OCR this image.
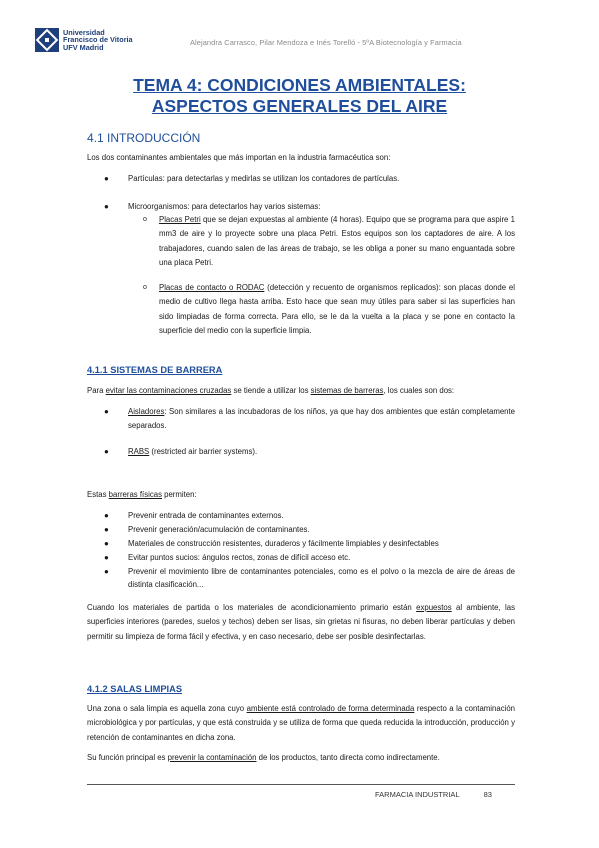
Universidad
Francisco de Vitoria
UFV Madrid
Alejandra Carrasco, Pilar Mendoza e Inés Torelló - 5ºA Biotecnología y Farmacia
TEMA 4: CONDICIONES AMBIENTALES:
ASPECTOS GENERALES DEL AIRE
4.1 INTRODUCCIÓN
Los dos contaminantes ambientales que más importan en la industria farmacéutica son:
● Partículas: para detectarlas y medirlas se utilizan los contadores de partículas.
● Microorganismos: para detectarlos hay varios sistemas:
o Placas Petri que se dejan expuestas al ambiente (4 horas). Equipo que se programa para que aspire 1 mm3 de aire y lo proyecte sobre una placa Petri. Estos equipos son los captadores de aire. A los trabajadores, cuando salen de las áreas de trabajo, se les obliga a poner su mano enguantada sobre una placa Petri.
o Placas de contacto o RODAC (detección y recuento de organismos replicados): son placas donde el medio de cultivo llega hasta arriba. Esto hace que sean muy útiles para saber si las superficies han sido limpiadas de forma correcta. Para ello, se le da la vuelta a la placa y se pone en contacto la superficie del medio con la superficie limpia.
4.1.1 SISTEMAS DE BARRERA
Para evitar las contaminaciones cruzadas se tiende a utilizar los sistemas de barreras, los cuales son dos:
● Aisladores: Son similares a las incubadoras de los niños, ya que hay dos ambientes que están completamente separados.
● RABS (restricted air barrier systems).
Estas barreras físicas permiten:
● Prevenir entrada de contaminantes externos.
● Prevenir generación/acumulación de contaminantes.
● Materiales de construcción resistentes, duraderos y fácilmente limpiables y desinfectables
● Evitar puntos sucios: ángulos rectos, zonas de difícil acceso etc.
● Prevenir el movimiento libre de contaminantes potenciales, como es el polvo o la mezcla de aire de áreas de distinta clasificación...
Cuando los materiales de partida o los materiales de acondicionamiento primario están expuestos al ambiente, las superficies interiores (paredes, suelos y techos) deben ser lisas, sin grietas ni fisuras, no deben liberar partículas y deben permitir su limpieza de forma fácil y efectiva, y en caso necesario, debe ser posible desinfectarlas.
4.1.2 SALAS LIMPIAS
Una zona o sala limpia es aquella zona cuyo ambiente está controlado de forma determinada respecto a la contaminación microbiológica y por partículas, y que está construida y se utiliza de forma que queda reducida la introducción, producción y retención de contaminantes en dicha zona.
Su función principal es prevenir la contaminación de los productos, tanto directa como indirectamente.
FARMACIA INDUSTRIAL	83
